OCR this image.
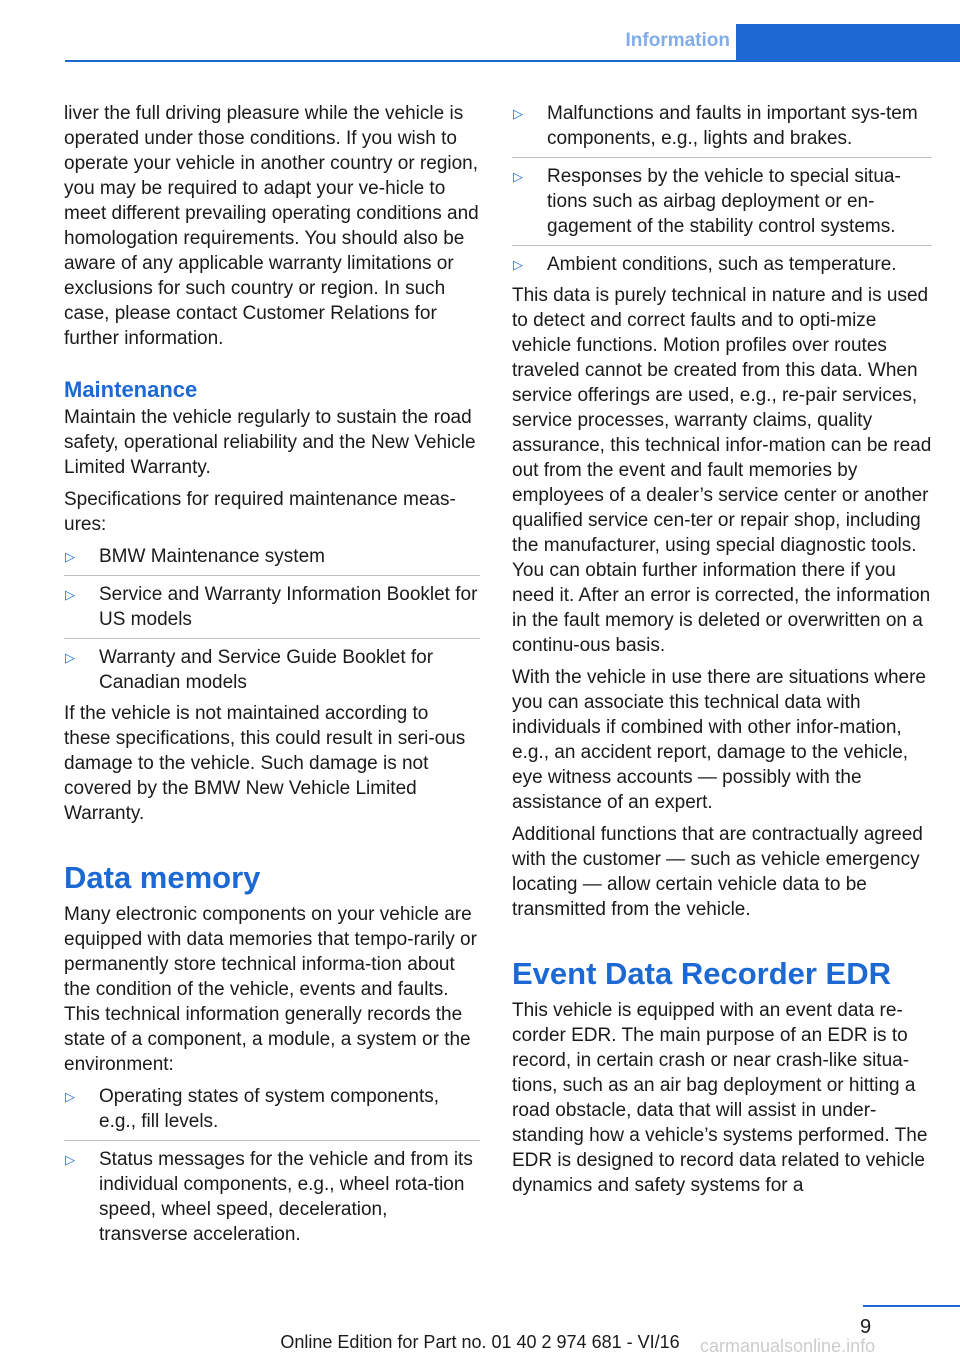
Information

liver the full driving pleasure while the vehicle is operated under those conditions. If you wish to operate your vehicle in another country or region, you may be required to adapt your ve-hicle to meet different prevailing operating conditions and homologation requirements. You should also be aware of any applicable warranty limitations or exclusions for such country or region. In such case, please contact Customer Relations for further information.

Maintenance

Maintain the vehicle regularly to sustain the road safety, operational reliability and the New Vehicle Limited Warranty.

Specifications for required maintenance meas-ures:

▷ BMW Maintenance system
▷ Service and Warranty Information Booklet for US models
▷ Warranty and Service Guide Booklet for Canadian models

If the vehicle is not maintained according to these specifications, this could result in seri-ous damage to the vehicle. Such damage is not covered by the BMW New Vehicle Limited Warranty.

Data memory

Many electronic components on your vehicle are equipped with data memories that tempo-rarily or permanently store technical informa-tion about the condition of the vehicle, events and faults. This technical information generally records the state of a component, a module, a system or the environment:

▷ Operating states of system components, e.g., fill levels.
▷ Status messages for the vehicle and from its individual components, e.g., wheel rota-tion speed, wheel speed, deceleration, transverse acceleration.
▷ Malfunctions and faults in important sys-tem components, e.g., lights and brakes.
▷ Responses by the vehicle to special situa-tions such as airbag deployment or en-gagement of the stability control systems.
▷ Ambient conditions, such as temperature.

This data is purely technical in nature and is used to detect and correct faults and to opti-mize vehicle functions. Motion profiles over routes traveled cannot be created from this data. When service offerings are used, e.g., re-pair services, service processes, warranty claims, quality assurance, this technical infor-mation can be read out from the event and fault memories by employees of a dealer’s service center or another qualified service cen-ter or repair shop, including the manufacturer, using special diagnostic tools. You can obtain further information there if you need it. After an error is corrected, the information in the fault memory is deleted or overwritten on a continu-ous basis.

With the vehicle in use there are situations where you can associate this technical data with individuals if combined with other infor-mation, e.g., an accident report, damage to the vehicle, eye witness accounts — possibly with the assistance of an expert.

Additional functions that are contractually agreed with the customer — such as vehicle emergency locating — allow certain vehicle data to be transmitted from the vehicle.

Event Data Recorder EDR

This vehicle is equipped with an event data re-corder EDR. The main purpose of an EDR is to record, in certain crash or near crash-like situa-tions, such as an air bag deployment or hitting a road obstacle, data that will assist in under-standing how a vehicle’s systems performed. The EDR is designed to record data related to vehicle dynamics and safety systems for a

9
Online Edition for Part no. 01 40 2 974 681 - VI/16	carmanualsonline.info
